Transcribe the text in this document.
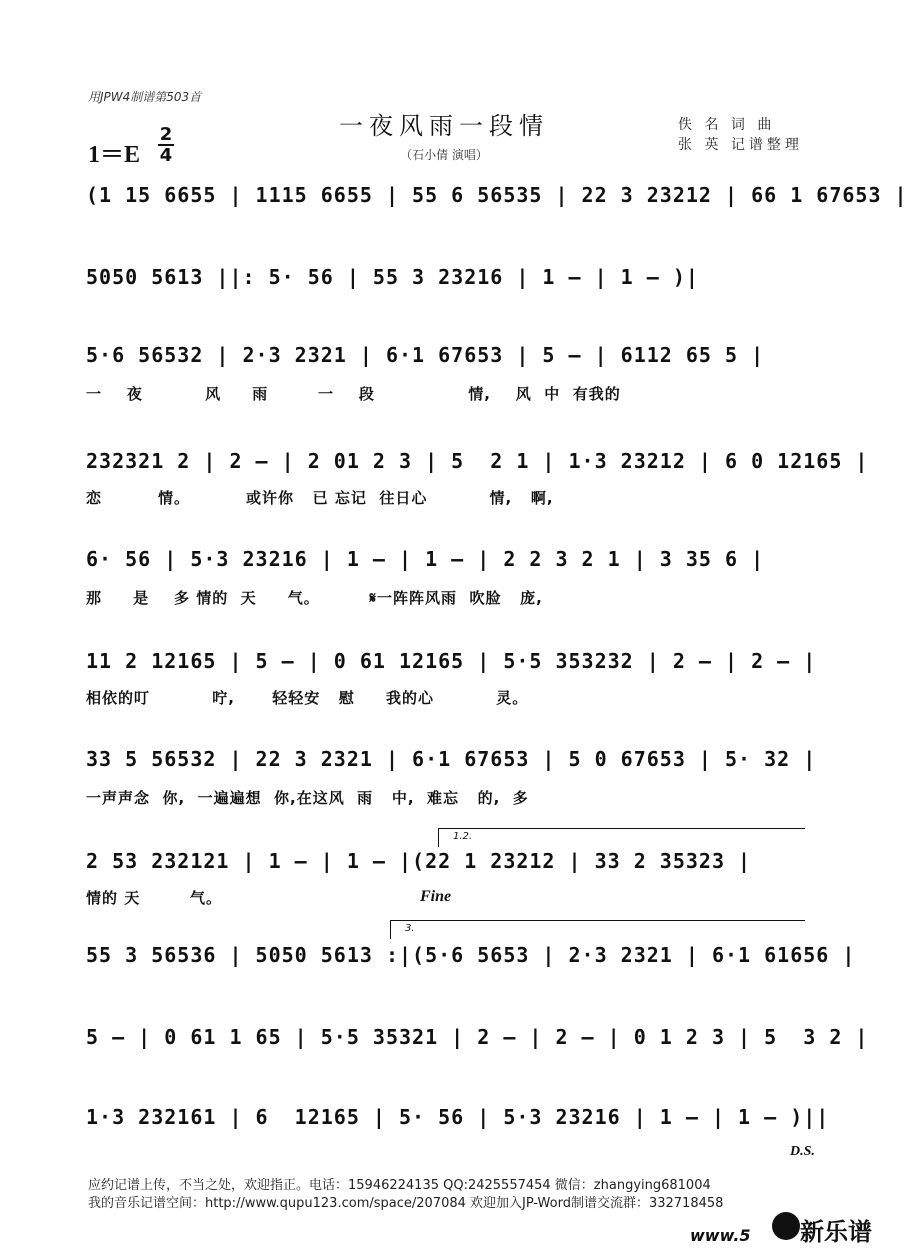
用JPW4制谱第503首
一夜风雨一段情
（石小倩 演唱）
1＝E
2
4
佚 名 词 曲
张 英 记谱整理
(1 15 6655 | 1115 6655 | 55 6 56535 | 22 3 23212 | 66 1 67653 |
5050 5613 ||: 5· 56 | 55 3 23216 | 1 – | 1 – )|
5·6 56532 | 2·3 2321 | 6·1 67653 | 5 – | 6112 65 5 |
一    夜          风     雨        一    段               情,    风  中  有我的
232321 2 | 2 – | 2 01 2 3 | 5  2 1 | 1·3 23212 | 6 0 12165 |
恋         情。         或许你   已 忘记  往日心          情,   啊,
6· 56 | 5·3 23216 | 1 – | 1 – | 2 2 3 2 1 | 3 35 6 |
那     是    多 情的  天     气。        𝄋一阵阵风雨  吹脸   庞,
11 2 12165 | 5 – | 0 61 12165 | 5·5 353232 | 2 – | 2 – |
相依的叮          咛,      轻轻安   慰     我的心          灵。
33 5 56532 | 22 3 2321 | 6·1 67653 | 5 0 67653 | 5· 32 |
一声声念  你,  一遍遍想  你,在这风  雨   中,  难忘   的,  多
1.2.
2 53 232121 | 1 – | 1 – |(22 1 23212 | 33 2 35323 |
情的 天        气。	Fine
3.
55 3 56536 | 5050 5613 :|(5·6 5653 | 2·3 2321 | 6·1 61656 |
5 – | 0 61 1 65 | 5·5 35321 | 2 – | 2 – | 0 1 2 3 | 5  3 2 |
1·3 232161 | 6  12165 | 5· 56 | 5·3 23216 | 1 – | 1 – )||
D.S.
应约记谱上传，不当之处，欢迎指正。电话：15946224135 QQ:2425557454 微信：zhangying681004
我的音乐记谱空间：http://www.qupu123.com/space/207084 欢迎加入JP-Word制谱交流群：332718458
www.5 新乐谱
